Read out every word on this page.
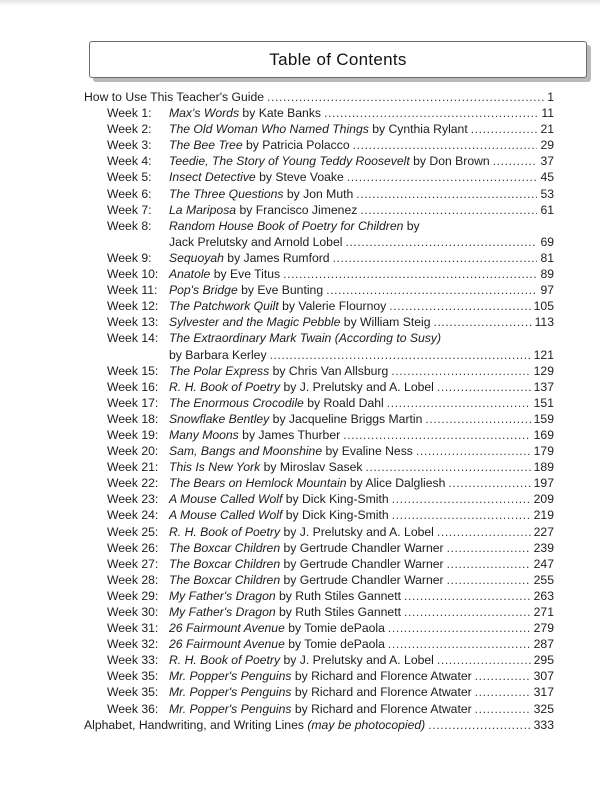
Table of Contents
How to Use This Teacher's Guide . . .	1
Week 1:	Max's Words by Kate Banks . . .	11
Week 2:	The Old Woman Who Named Things by Cynthia Rylant . . .	21
Week 3:	The Bee Tree by Patricia Polacco . . .	29
Week 4:	Teedie, The Story of Young Teddy Roosevelt by Don Brown . . .	37
Week 5:	Insect Detective by Steve Voake . . .	45
Week 6:	The Three Questions by Jon Muth . . .	53
Week 7:	La Mariposa by Francisco Jimenez . . .	61
Week 8:	Random House Book of Poetry for Children by
Jack Prelutsky and Arnold Lobel . . .	69
Week 9:	Sequoyah by James Rumford . . .	81
Week 10: Anatole by Eve Titus . . .	89
Week 11: Pop's Bridge by Eve Bunting . . .	97
Week 12: The Patchwork Quilt by Valerie Flournoy . . .	105
Week 13: Sylvester and the Magic Pebble by William Steig . . .	113
Week 14: The Extraordinary Mark Twain (According to Susy)
by Barbara Kerley . . .	121
Week 15: The Polar Express by Chris Van Allsburg . . .	129
Week 16: R. H. Book of Poetry by J. Prelutsky and A. Lobel . . .	137
Week 17: The Enormous Crocodile by Roald Dahl . . .	151
Week 18: Snowflake Bentley by Jacqueline Briggs Martin . . .	159
Week 19: Many Moons by James Thurber . . .	169
Week 20: Sam, Bangs and Moonshine by Evaline Ness . . .	179
Week 21: This Is New York by Miroslav Sasek . . .	189
Week 22: The Bears on Hemlock Mountain by Alice Dalgliesh . . .	197
Week 23: A Mouse Called Wolf by Dick King-Smith . . .	209
Week 24: A Mouse Called Wolf by Dick King-Smith . . .	219
Week 25: R. H. Book of Poetry by J. Prelutsky and A. Lobel . . .	227
Week 26: The Boxcar Children by Gertrude Chandler Warner . . .	239
Week 27: The Boxcar Children by Gertrude Chandler Warner . . .	247
Week 28: The Boxcar Children by Gertrude Chandler Warner . . .	255
Week 29: My Father's Dragon by Ruth Stiles Gannett . . .	263
Week 30: My Father's Dragon by Ruth Stiles Gannett . . .	271
Week 31: 26 Fairmount Avenue by Tomie dePaola . . .	279
Week 32: 26 Fairmount Avenue by Tomie dePaola . . .	287
Week 33: R. H. Book of Poetry by J. Prelutsky and A. Lobel . . .	295
Week 35: Mr. Popper's Penguins by Richard and Florence Atwater . . .	307
Week 35: Mr. Popper's Penguins by Richard and Florence Atwater . . .	317
Week 36: Mr. Popper's Penguins by Richard and Florence Atwater . . .	325
Alphabet, Handwriting, and Writing Lines (may be photocopied) . . .	333
